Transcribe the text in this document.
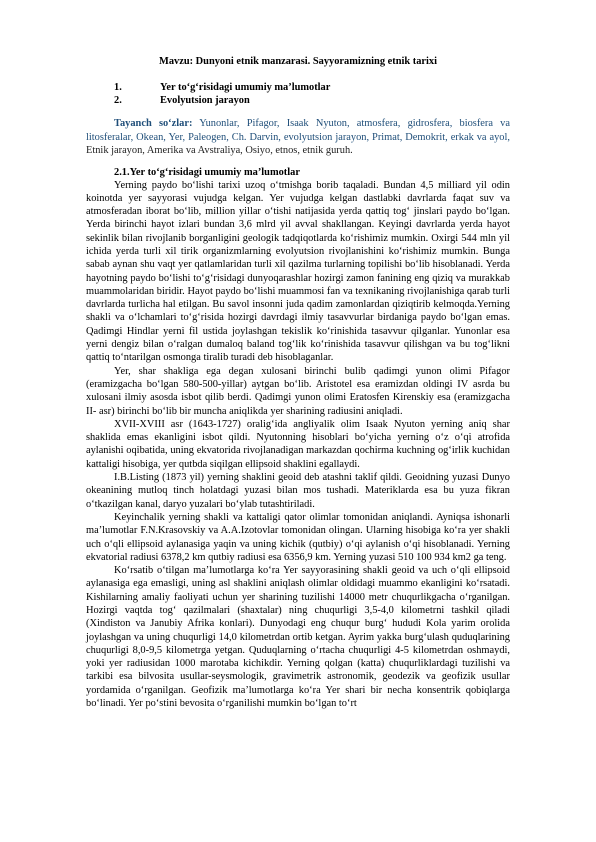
Mavzu: Dunyoni etnik manzarasi. Sayyoramizning etnik tarixi

1.	Yer to‘g‘risidagi umumiy ma’lumotlar
2.	Evolyutsion jarayon

Tayanch so‘zlar: Yunonlar, Pifagor, Isaak Nyuton, atmosfera, gidrosfera, biosfera va litosferalar, Okean, Yer, Paleogen, Ch. Darvin, evolyutsion jarayon, Primat, Demokrit, erkak va ayol, Etnik jarayon, Amerika va Avstraliya, Osiyo, etnos, etnik guruh.

2.1.Yer to‘g‘risidagi umumiy ma’lumotlar

Yerning paydo bo‘lishi tarixi uzoq o‘tmishga borib taqaladi. Bundan 4,5 milliard yil odin koinotda yer sayyorasi vujudga kelgan. Yer vujudga kelgan dastlabki davrlarda faqat suv va atmosferadan iborat bo‘lib, million yillar o‘tishi natijasida yerda qattiq tog‘ jinslari paydo bo‘lgan. Yerda birinchi hayot izlari bundan 3,6 mlrd yil avval shakllangan. Keyingi davrlarda yerda hayot sekinlik bilan rivojlanib borganligini geologik tadqiqotlarda ko‘rishimiz mumkin. Oxirgi 544 mln yil ichida yerda turli xil tirik organizmlarning evolyutsion rivojlanishini ko‘rishimiz mumkin. Bunga sabab aynan shu vaqt yer qatlamlaridan turli xil qazilma turlarning topilishi bo‘lib hisoblanadi. Yerda hayotning paydo bo‘lishi to‘g‘risidagi dunyoqarashlar hozirgi zamon fanining eng qiziq va murakkab muammolaridan biridir. Hayot paydo bo‘lishi muammosi fan va texnikaning rivojlanishiga qarab turli davrlarda turlicha hal etilgan. Bu savol insonni juda qadim zamonlardan qiziqtirib kelmoqda.Yerning shakli va o‘lchamlari to‘g‘risida hozirgi davrdagi ilmiy tasavvurlar birdaniga paydo bo‘lgan emas. Qadimgi Hindlar yerni fil ustida joylashgan tekislik ko‘rinishida tasavvur qilganlar. Yunonlar esa yerni dengiz bilan o‘ralgan dumaloq baland tog‘lik ko‘rinishida tasavvur qilishgan va bu tog‘likni qattiq to‘ntarilgan osmonga tiralib turadi deb hisoblaganlar.

Yer, shar shakliga ega degan xulosani birinchi bulib qadimgi yunon olimi Pifagor (eramizgacha bo‘lgan 580-500-yillar) aytgan bo‘lib. Aristotel esa eramizdan oldingi IV asrda bu xulosani ilmiy asosda isbot qilib berdi. Qadimgi yunon olimi Eratosfen Kirenskiy esa (eramizgacha II- asr) birinchi bo‘lib bir muncha aniqlikda yer sharining radiusini aniqladi.

XVII-XVIII asr (1643-1727) oralig‘ida angliyalik olim Isaak Nyuton yerning aniq shar shaklida emas ekanligini isbot qildi. Nyutonning hisoblari bo‘yicha yerning o‘z o‘qi atrofida aylanishi oqibatida, uning ekvatorida rivojlanadigan markazdan qochirma kuchning og‘irlik kuchidan kattaligi hisobiga, yer qutbda siqilgan ellipsoid shaklini egallaydi.

I.B.Listing (1873 yil) yerning shaklini geoid deb atashni taklif qildi. Geoidning yuzasi Dunyo okeanining mutloq tinch holatdagi yuzasi bilan mos tushadi. Materiklarda esa bu yuza fikran o‘tkazilgan kanal, daryo yuzalari bo‘ylab tutashtiriladi.

Keyinchalik yerning shakli va kattaligi qator olimlar tomonidan aniqlandi. Ayniqsa ishonarli ma’lumotlar F.N.Krasovskiy va A.A.Izotovlar tomonidan olingan. Ularning hisobiga ko‘ra yer shakli uch o‘qli ellipsoid aylanasiga yaqin va uning kichik (qutbiy) o‘qi aylanish o‘qi hisoblanadi. Yerning ekvatorial radiusi 6378,2 km qutbiy radiusi esa 6356,9 km. Yerning yuzasi 510 100 934 km2 ga teng.

Ko‘rsatib o‘tilgan ma’lumotlarga ko‘ra Yer sayyorasining shakli geoid va uch o‘qli ellipsoid aylanasiga ega emasligi, uning asl shaklini aniqlash olimlar oldidagi muammo ekanligini ko‘rsatadi. Kishilarning amaliy faoliyati uchun yer sharining tuzilishi 14000 metr chuqurlikgacha o‘rganilgan. Hozirgi vaqtda tog‘ qazilmalari (shaxtalar) ning chuqurligi 3,5-4,0 kilometrni tashkil qiladi (Xindiston va Janubiy Afrika konlari). Dunyodagi eng chuqur burg‘ hududi Kola yarim orolida joylashgan va uning chuqurligi 14,0 kilometrdan ortib ketgan. Ayrim yakka burg‘ulash quduqlarining chuqurligi 8,0-9,5 kilometrga yetgan. Quduqlarning o‘rtacha chuqurligi 4-5 kilometrdan oshmaydi, yoki yer radiusidan 1000 marotaba kichikdir. Yerning qolgan (katta) chuqurliklardagi tuzilishi va tarkibi esa bilvosita usullar-seysmologik, gravimetrik astronomik, geodezik va geofizik usullar yordamida o‘rganilgan. Geofizik ma’lumotlarga ko‘ra Yer shari bir necha konsentrik qobiqlarga bo‘linadi. Yer po‘stini bevosita o‘rganilishi mumkin bo‘lgan to‘rt
